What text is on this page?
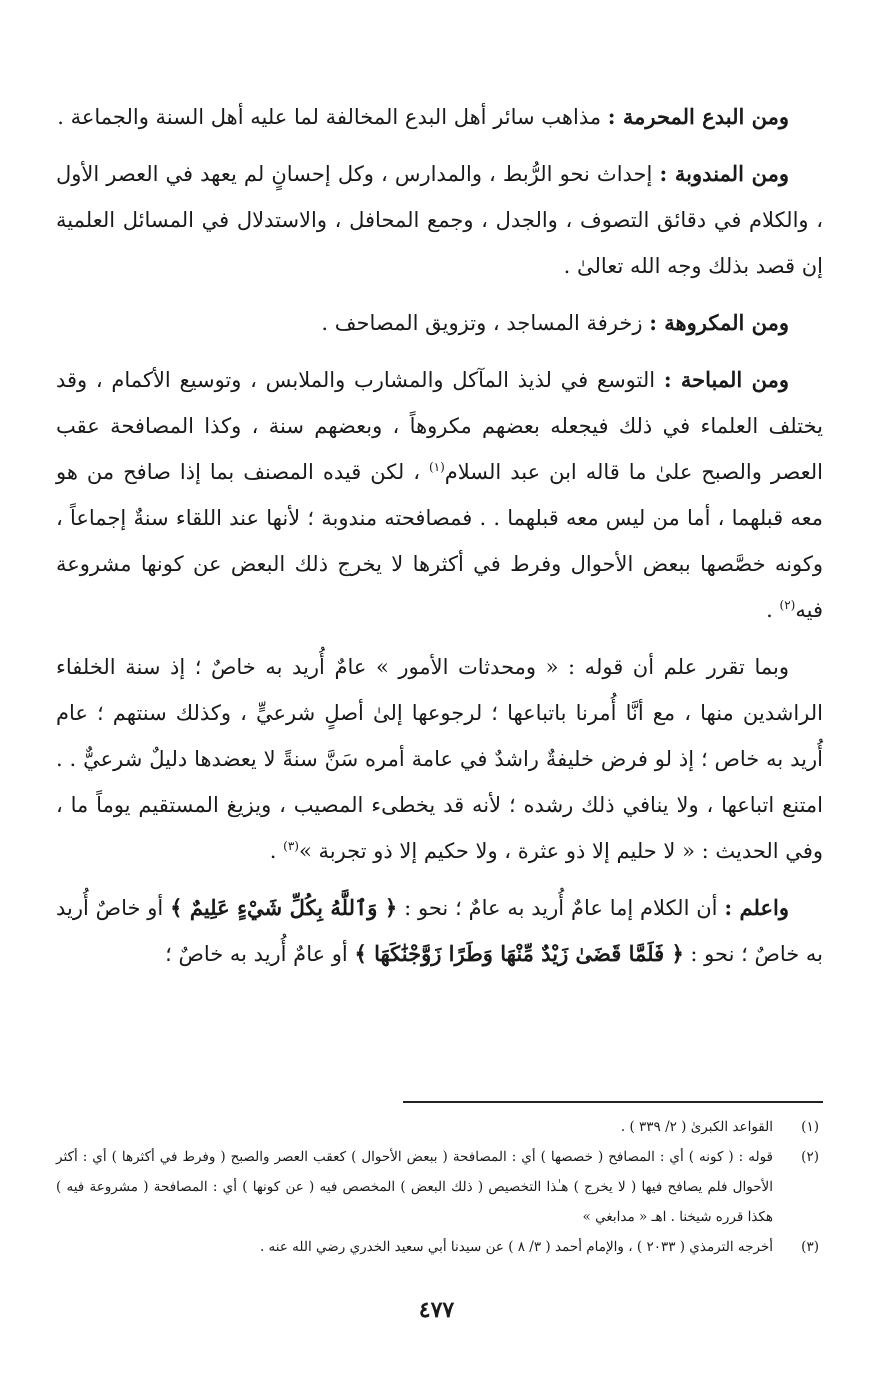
ومن البدع المحرمة : مذاهب سائر أهل البدع المخالفة لما عليه أهل السنة والجماعة .

ومن المندوبة : إحداث نحو الرُّبط ، والمدارس ، وكل إحسانٍ لم يعهد في العصر الأول ، والكلام في دقائق التصوف ، والجدل ، وجمع المحافل ، والاستدلال في المسائل العلمية إن قصد بذلك وجه الله تعالىٰ .

ومن المكروهة : زخرفة المساجد ، وتزويق المصاحف .

ومن المباحة : التوسع في لذيذ المآكل والمشارب والملابس ، وتوسيع الأكمام ، وقد يختلف العلماء في ذلك فيجعله بعضهم مكروهاً ، وبعضهم سنة ، وكذا المصافحة عقب العصر والصبح علىٰ ما قاله ابن عبد السلام$^{(١)}$ ، لكن قيده المصنف بما إذا صافح من هو معه قبلهما ، أما من ليس معه قبلهما . . فمصافحته مندوبة ؛ لأنها عند اللقاء سنةٌ إجماعاً ، وكونه خصَّصها ببعض الأحوال وفرط في أكثرها لا يخرج ذلك البعض عن كونها مشروعة فيه$^{(٢)}$ .

وبما تقرر علم أن قوله : « ومحدثات الأمور » عامٌ أُريد به خاصٌ ؛ إذ سنة الخلفاء الراشدين منها ، مع أنَّا أُمرنا باتباعها ؛ لرجوعها إلىٰ أصلٍ شرعيٍّ ، وكذلك سنتهم ؛ عام أُريد به خاص ؛ إذ لو فرض خليفةٌ راشدٌ في عامة أمره سَنَّ سنةً لا يعضدها دليلٌ شرعيٌّ . . امتنع اتباعها ، ولا ينافي ذلك رشده ؛ لأنه قد يخطىء المصيب ، ويزيغ المستقيم يوماً ما ، وفي الحديث : « لا حليم إلا ذو عثرة ، ولا حكيم إلا ذو تجربة »$^{(٣)}$ .

واعلم : أن الكلام إما عامٌ أُريد به عامٌ ؛ نحو : ﴿ وَٱللَّهُ بِكُلِّ شَيْءٍ عَلِيمٌ ﴾ أو خاصٌ أُريد به خاصٌ ؛ نحو : ﴿ فَلَمَّا قَضَىٰ زَيْدٌ مِّنْهَا وَطَرًا زَوَّجْنَٰكَهَا ﴾ أو عامٌ أُريد به خاصٌ ؛

(١)
القواعد الكبرىٰ ( ٢/ ٣٣٩ ) .

(٢)
قوله : ( كونه ) أي : المصافح ( خصصها ) أي : المصافحة ( ببعض الأحوال ) كعقب العصر والصبح ( وفرط في أكثرها ) أي : أكثر الأحوال فلم يصافح فيها ( لا يخرج ) هـٰذا التخصيص ( ذلك البعض ) المخصص فيه ( عن كونها ) أي : المصافحة ( مشروعة فيه ) هكذا قرره شيخنا . اهـ « مدابغي »

(٣)
أخرجه الترمذي ( ٢٠٣٣ ) ، والإمام أحمد ( ٣/ ٨ ) عن سيدنا أبي سعيد الخدري رضي الله عنه .

٤٧٧
